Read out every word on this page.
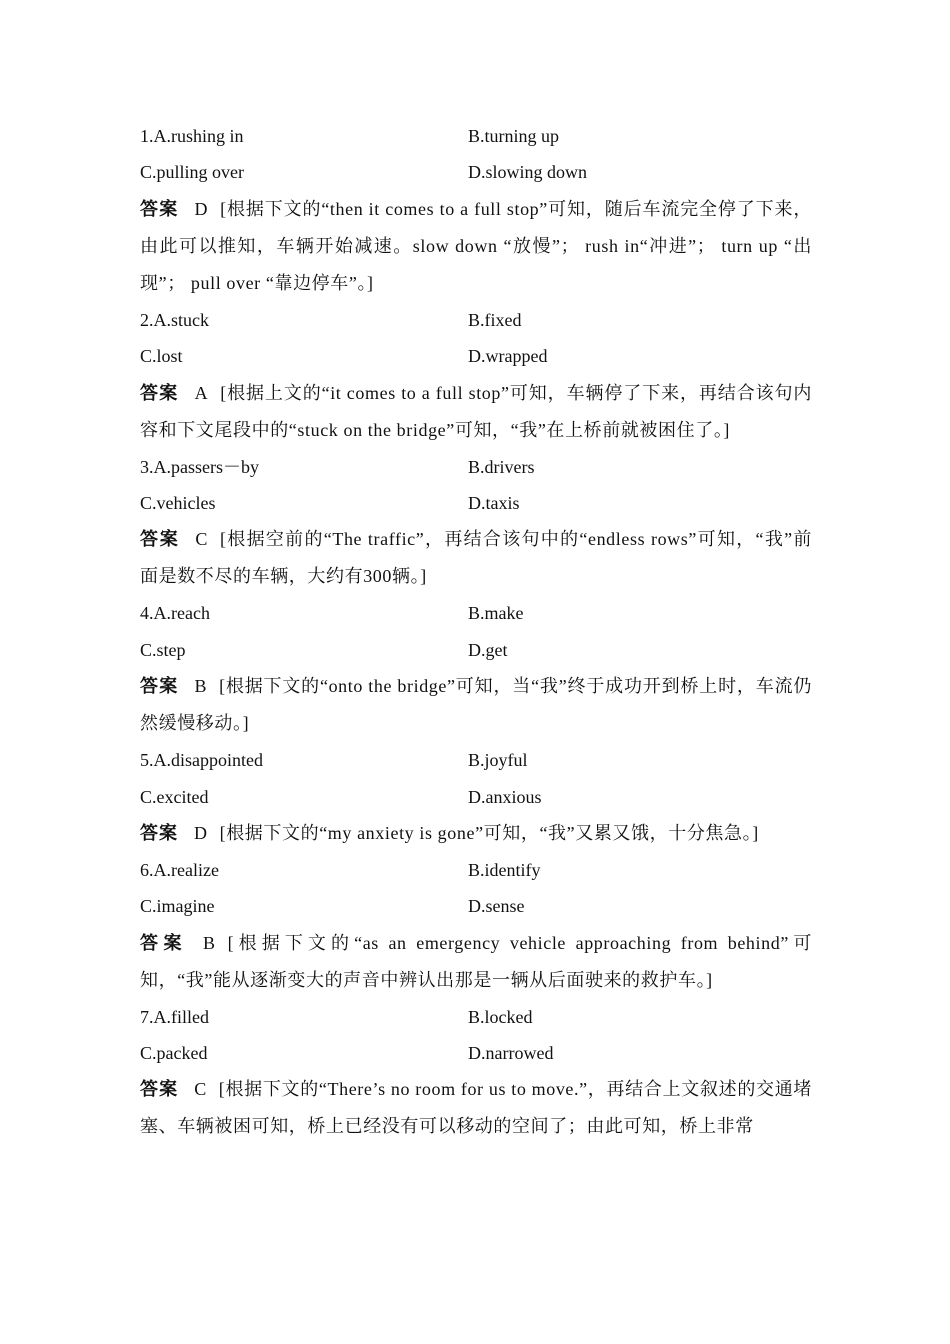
1.A.rushing in	B.turning up
C.pulling over	D.slowing down
答案 D [根据下文的“then it comes to a full stop”可知，随后车流完全停了下来，由此可以推知，车辆开始减速。slow down “放慢”； rush in“冲进”； turn up “出现”； pull over “靠边停车”。]
2.A.stuck	B.fixed
C.lost	D.wrapped
答案 A [根据上文的“it comes to a full stop”可知，车辆停了下来，再结合该句内容和下文尾段中的“stuck on the bridge”可知，“我”在上桥前就被困住了。]
3.A.passers－by	B.drivers
C.vehicles	D.taxis
答案 C [根据空前的“The traffic”，再结合该句中的“endless rows”可知，“我”前面是数不尽的车辆，大约有300辆。]
4.A.reach	B.make
C.step	D.get
答案 B [根据下文的“onto the bridge”可知，当“我”终于成功开到桥上时，车流仍然缓慢移动。]
5.A.disappointed	B.joyful
C.excited	D.anxious
答案 D [根据下文的“my anxiety is gone”可知，“我”又累又饿，十分焦急。]
6.A.realize	B.identify
C.imagine	D.sense
答案 B [根据下文的“as an emergency vehicle approaching from behind”可知，“我”能从逐渐变大的声音中辨认出那是一辆从后面驶来的救护车。]
7.A.filled	B.locked
C.packed	D.narrowed
答案 C [根据下文的“There’s no room for us to move.”，再结合上文叙述的交通堵塞、车辆被困可知，桥上已经没有可以移动的空间了；由此可知，桥上非常
